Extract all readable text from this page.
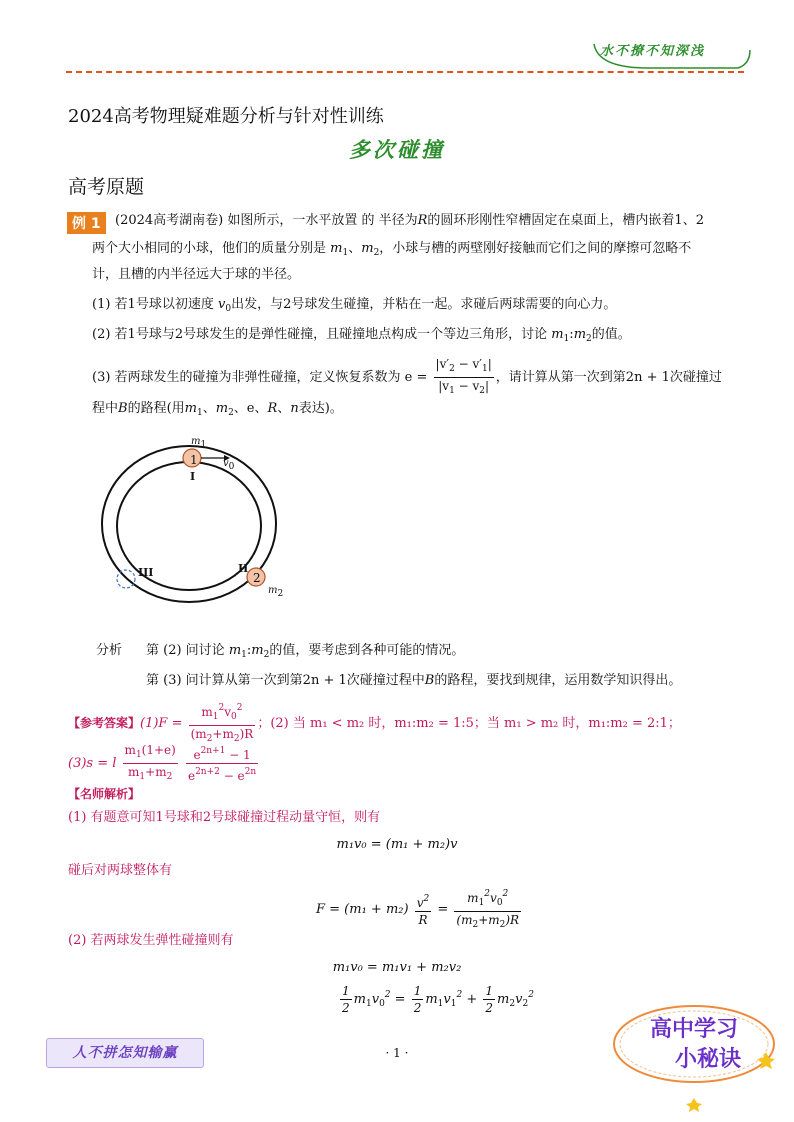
水不撩不知深浅
2024高考物理疑难题分析与针对性训练
多次碰撞
高考原题
例 1	(2024高考湖南卷) 如图所示，一水平放置 的 半径为R的圆环形刚性窄槽固定在桌面上，槽内嵌着1、2
两个大小相同的小球，他们的质量分别是 $m_1$、$m_2$，小球与槽的两壁刚好接触而它们之间的摩擦可忽略不
计，且槽的内半径远大于球的半径。
(1) 若1号球以初速度 $v_0$出发，与2号球发生碰撞，并粘在一起。求碰后两球需要的向心力。
(2) 若1号球与2号球发生的是弹性碰撞，且碰撞地点构成一个等边三角形，讨论 $m_1:m_2$的值。
(3) 若两球发生的碰撞为非弹性碰撞，定义恢复系数为 $e = \frac{|v'_2 - v'_1|}{|v_1 - v_2|}$ ，请计算从第一次到第2n + 1次碰撞过
程中B的路程(用$m_1$、$m_2$、e、R、n表达)。
1
2
m1
m2
v0
I
II
III
分析 第 (2) 问讨论 $m_1:m_2$的值，要考虑到各种可能的情况。
第 (3) 问计算从第一次到第2n + 1次碰撞过程中B的路程，要找到规律，运用数学知识得出。
【参考答案】$(1)F = \frac{m_1^2v_0^2}{(m_2+m_2)R}$ ；(2) 当 m₁ < m₂ 时，m₁:m₂ = 1:5；当 m₁ > m₂ 时，m₁:m₂ = 2:1；
(3)s = l $\frac{m_1(1+e)}{m_1+m_2}$
$\frac{e^{2n+1} - 1}{e^{2n+2} - e^{2n}}$
【名师解析】
(1) 有题意可知1号球和2号球碰撞过程动量守恒，则有
m₁v₀ = (m₁ + m₂)v
碰后对两球整体有
$F = (m_1 + m_2) \frac{v^2}{R} = \frac{m_1^2v_0^2}{(m_2+m_2)R}$
(2) 若两球发生弹性碰撞则有
m₁v₀ = m₁v₁ + m₂v₂
$\frac{1}{2} m_1v_0^2 = \frac{1}{2} m_1v_1^2 + \frac{1}{2} m_2v_2^2$
人不拼怎知输赢	· 1 ·
高中学习
小秘诀
